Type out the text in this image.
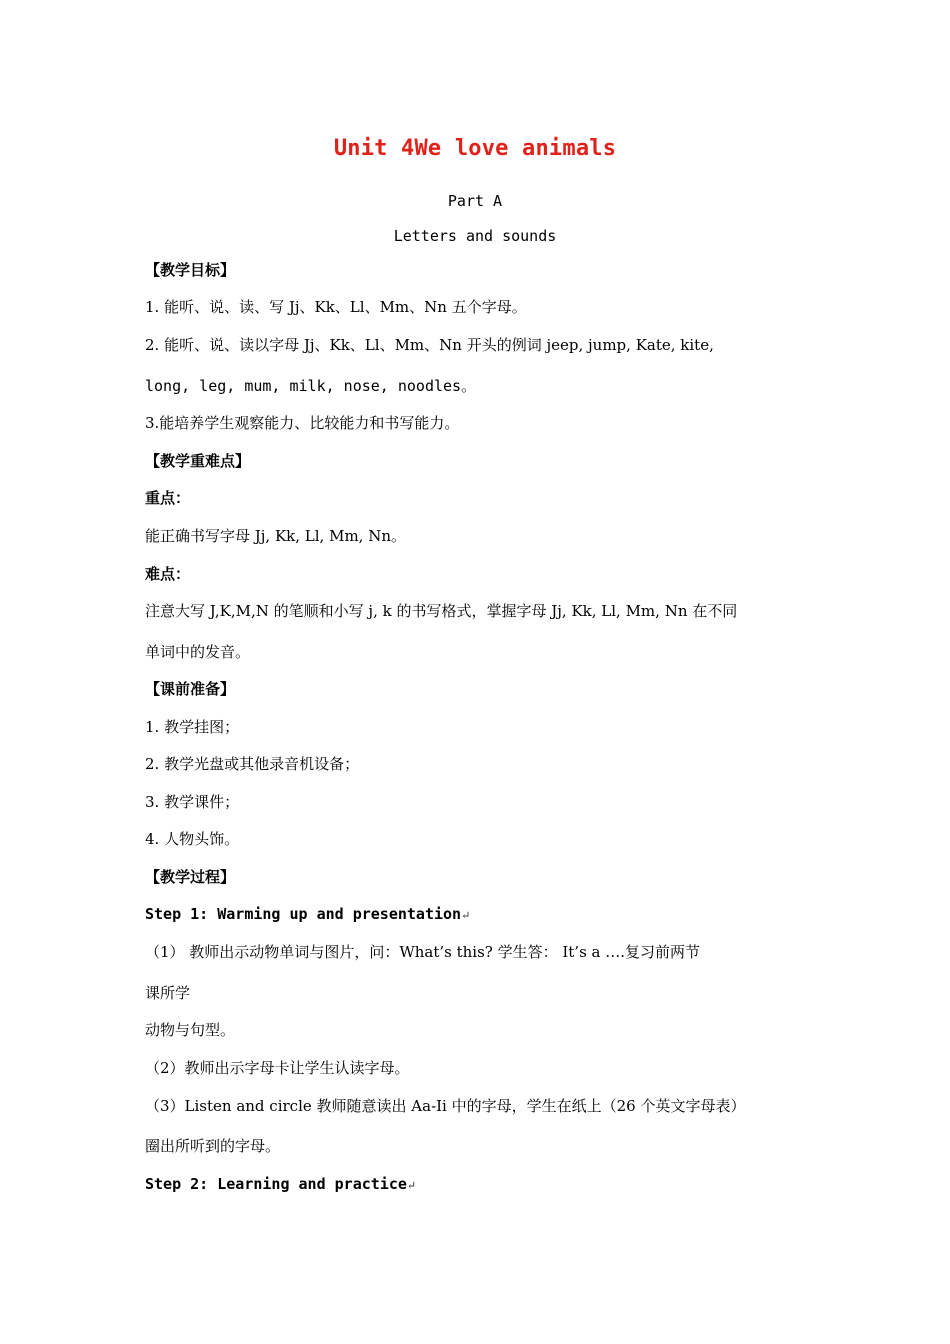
Unit 4We love animals
Part A
Letters and sounds
【教学目标】
1. 能听、说、读、写 Jj、Kk、Ll、Mm、Nn 五个字母。
2. 能听、说、读以字母 Jj、Kk、Ll、Mm、Nn 开头的例词 jeep, jump, Kate, kite,
long, leg, mum, milk, nose, noodles。
3.能培养学生观察能力、比较能力和书写能力。
【教学重难点】
重点：
能正确书写字母 Jj, Kk, Ll, Mm, Nn。
难点：
注意大写 J,K,M,N 的笔顺和小写 j, k 的书写格式，掌握字母 Jj, Kk, Ll, Mm, Nn 在不同
单词中的发音。
【课前准备】
1. 教学挂图；
2. 教学光盘或其他录音机设备；
3. 教学课件；
4. 人物头饰。
【教学过程】
Step 1: Warming up and presentation↵
（1） 教师出示动物单词与图片，问：What’s this? 学生答： It’s a ….复习前两节
课所学
动物与句型。
（2）教师出示字母卡让学生认读字母。
（3）Listen and circle 教师随意读出 Aa-Ii 中的字母，学生在纸上（26 个英文字母表）
圈出所听到的字母。
Step 2: Learning and practice↵
